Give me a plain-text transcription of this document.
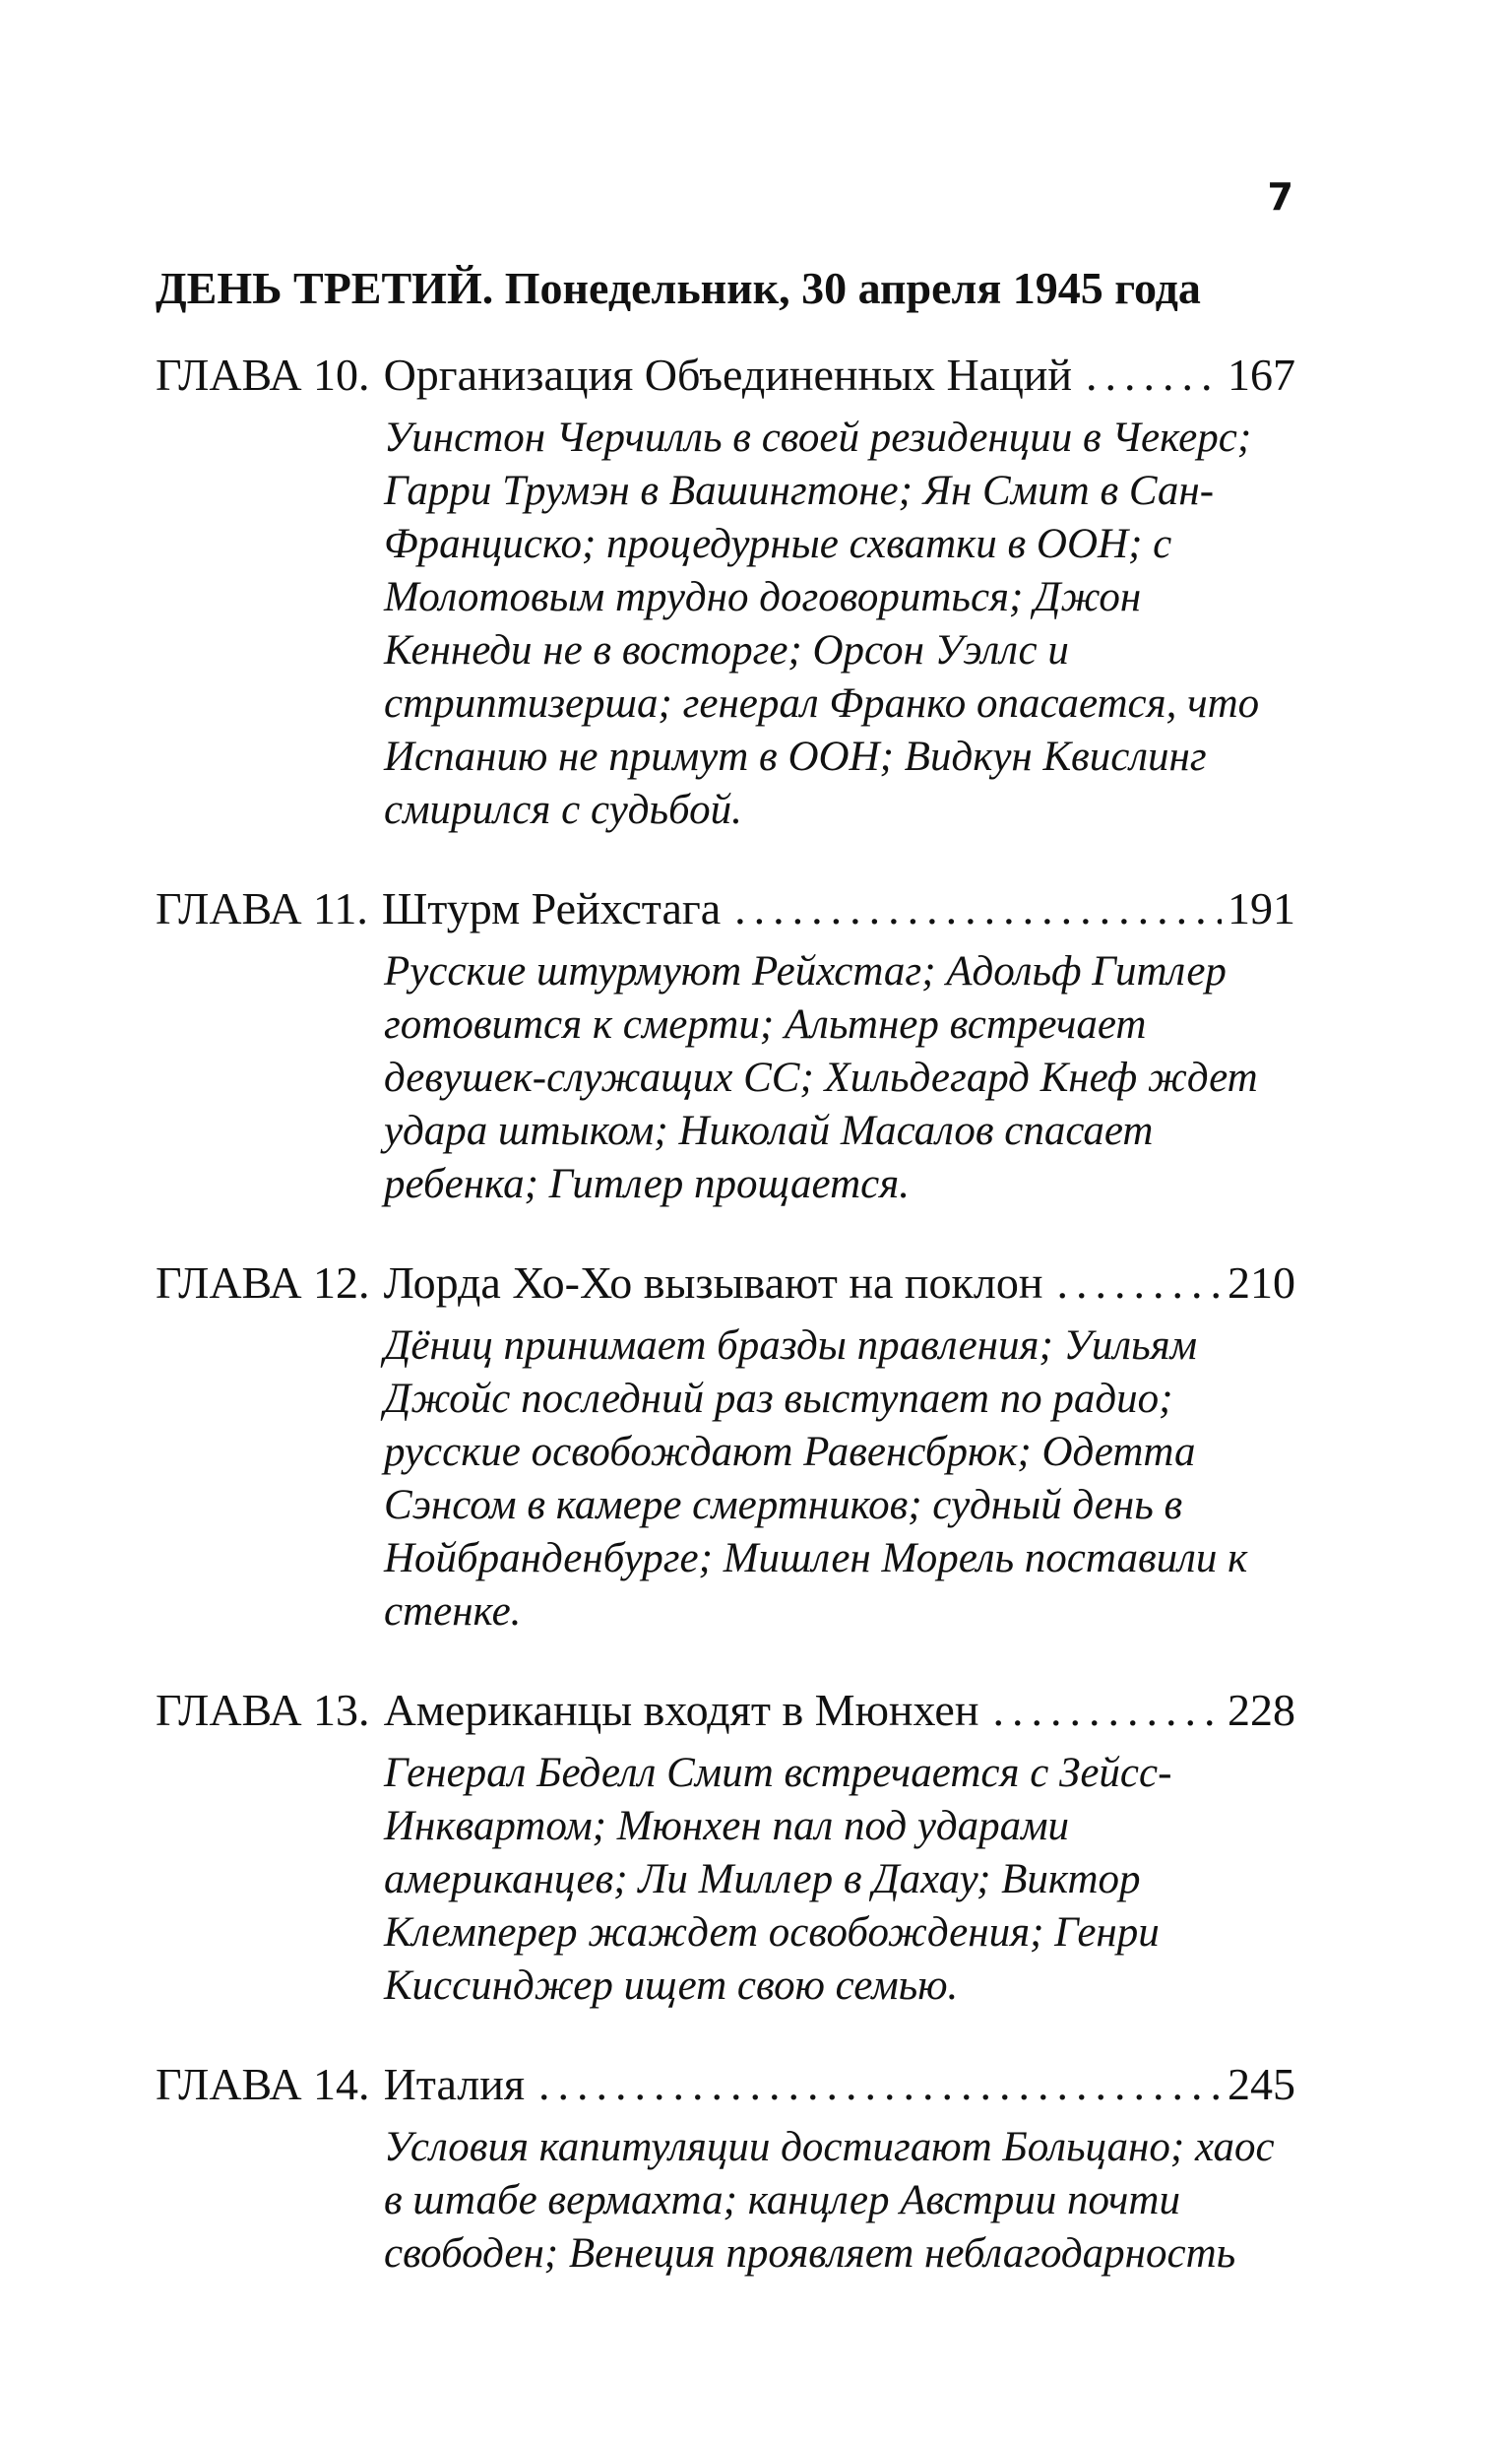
7
ДЕНЬ ТРЕТИЙ. Понедельник, 30 апреля 1945 года
ГЛАВА 10. Организация Объединенных Наций .....	167
Уинстон Черчилль в своей резиденции в Чекерс; Гарри Трумэн в Вашингтоне; Ян Смит в Сан-Франциско; процедурные схватки в ООН; с Молотовым трудно договориться; Джон Кеннеди не в восторге; Орсон Уэллс и стриптизерша; генерал Франко опасается, что Испанию не примут в ООН; Видкун Квислинг смирился с судьбой.
ГЛАВА 11. Штурм Рейхстага .....	191
Русские штурмуют Рейхстаг; Адольф Гитлер готовится к смерти; Альтнер встречает девушек-служащих СС; Хильдегард Кнеф ждет удара штыком; Николай Масалов спасает ребенка; Гитлер прощается.
ГЛАВА 12. Лорда Хо-Хо вызывают на поклон .....	210
Дёниц принимает бразды правления; Уильям Джойс последний раз выступает по радио; русские освобождают Равенсбрюк; Одетта Сэнсом в камере смертников; судный день в Нойбранденбурге; Мишлен Морель поставили к стенке.
ГЛАВА 13. Американцы входят в Мюнхен .....	228
Генерал Беделл Смит встречается с Зейсс-Инквартом; Мюнхен пал под ударами американцев; Ли Миллер в Дахау; Виктор Клемперер жаждет освобождения; Генри Киссинджер ищет свою семью.
ГЛАВА 14. Италия .....	245
Условия капитуляции достигают Больцано; хаос в штабе вермахта; канцлер Австрии почти свободен; Венеция проявляет неблагодарность
